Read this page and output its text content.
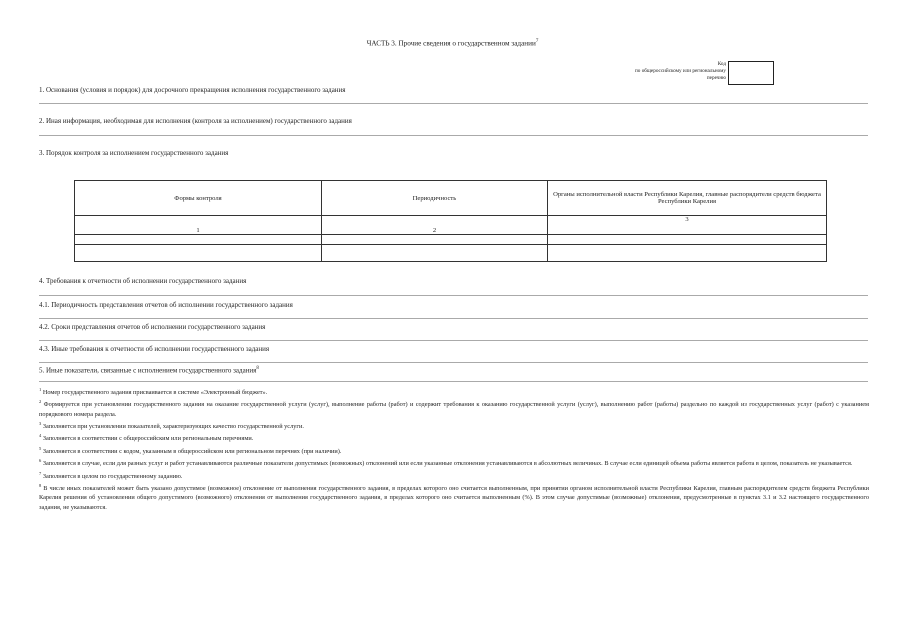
ЧАСТЬ 3. Прочие сведения о государственном задании$^7$
Код
по общероссийскому или региональному
перечню
1. Основания (условия и порядок) для досрочного прекращения исполнения государственного задания
2. Иная информация, необходимая для исполнения (контроля за исполнением) государственного задания
3. Порядок контроля за исполнением государственного задания
Формы контроля	Периодичность	Органы исполнительной власти Республики Карелия, главные распорядители средств бюджета Республики Карелия
1	2	3

4. Требования к отчетности об исполнении государственного задания
4.1. Периодичность представления отчетов об исполнении государственного задания
4.2. Сроки представления отчетов об исполнении государственного задания
4.3. Иные требования к отчетности об исполнении государственного задания
5. Иные показатели, связанные с исполнением государственного задания$^8$

$^1$ Номер государственного задания присваивается в системе «Электронный бюджет».

$^2$ Формируется при установлении государственного задания на оказание государственной услуги (услуг), выполнение работы (работ) и содержит требования к оказанию государственной услуги (услуг), выполнению работ (работы) раздельно по каждой из государственных услуг (работ) с указанием порядкового номера раздела.

$^3$ Заполняется при установлении показателей, характеризующих качество государственной услуги.

$^4$ Заполняется в соответствии с общероссийским или региональным перечнями.

$^5$ Заполняется в соответствии с кодом, указанным в общероссийском или региональном перечнях (при наличии).

$^6$ Заполняется в случае, если для разных услуг и работ устанавливаются различные показатели допустимых (возможных) отклонений или если указанные отклонения устанавливаются в абсолютных величинах. В случае если единицей объема работы является работа в целом, показатель не указывается.

$^7$ Заполняется в целом по государственному заданию.

$^8$ В числе иных показателей может быть указано допустимое (возможное) отклонение от выполнения государственного задания, в пределах которого оно считается выполненным, при принятии органом исполнительной власти Республики Карелия, главным распорядителем средств бюджета Республики Карелия решения об установлении общего допустимого (возможного) отклонения от выполнения государственного задания, в пределах которого оно считается выполненным (%). В этом случае допустимые (возможные) отклонения, предусмотренные в пунктах 3.1 и 3.2 настоящего государственного задания, не указываются.
